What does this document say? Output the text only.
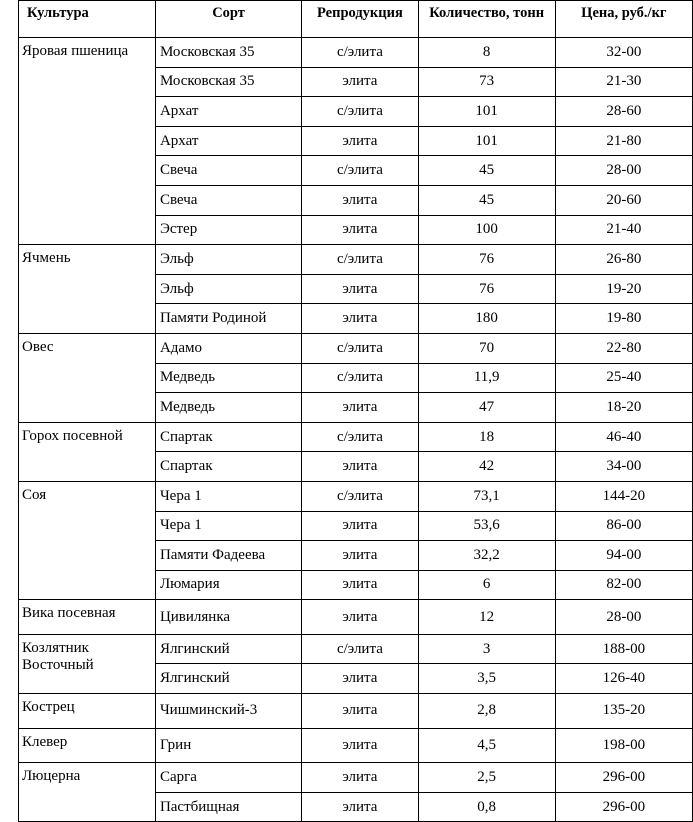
Культура	Сорт	Репродукция	Количество, тонн	Цена, руб./кг
Яровая пшеница	Московская 35	с/элита	8	32-00
	Московская 35	элита	73	21-30
	Архат	с/элита	101	28-60
	Архат	элита	101	21-80
	Свеча	с/элита	45	28-00
	Свеча	элита	45	20-60
	Эстер	элита	100	21-40
Ячмень	Эльф	с/элита	76	26-80
	Эльф	элита	76	19-20
	Памяти Родиной	элита	180	19-80
Овес	Адамо	с/элита	70	22-80
	Медведь	с/элита	11,9	25-40
	Медведь	элита	47	18-20
Горох посевной	Спартак	с/элита	18	46-40
	Спартак	элита	42	34-00
Соя	Чера 1	с/элита	73,1	144-20
	Чера 1	элита	53,6	86-00
	Памяти Фадеева	элита	32,2	94-00
	Люмария	элита	6	82-00
Вика посевная	Цивилянка	элита	12	28-00
Козлятник Восточный	Ялгинский	с/элита	3	188-00
	Ялгинский	элита	3,5	126-40
Кострец	Чишминский-3	элита	2,8	135-20
Клевер	Грин	элита	4,5	198-00
Люцерна	Сарга	элита	2,5	296-00
	Пастбищная	элита	0,8	296-00
